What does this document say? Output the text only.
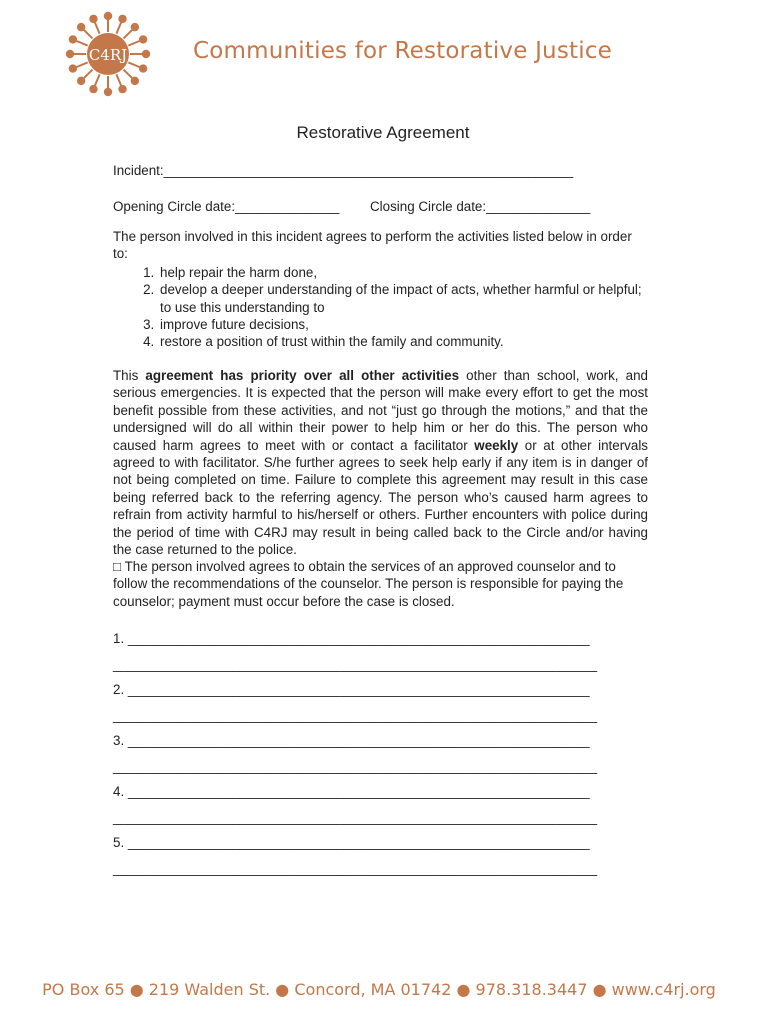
C4RJ	Communities for Restorative Justice
Restorative Agreement
Incident:_______________________________________________________
Opening Circle date:______________ Closing Circle date:______________

The person involved in this incident agrees to perform the activities listed below in order to:

1. help repair the harm done,
2. develop a deeper understanding of the impact of acts, whether harmful or helpful; to use this understanding to
3. improve future decisions,
4. restore a position of trust within the family and community.

This agreement has priority over all other activities other than school, work, and serious emergencies. It is expected that the person will make every effort to get the most benefit possible from these activities, and not “just go through the motions,” and that the undersigned will do all within their power to help him or her do this. The person who caused harm agrees to meet with or contact a facilitator weekly or at other intervals agreed to with facilitator. S/he further agrees to seek help early if any item is in danger of not being completed on time. Failure to complete this agreement may result in this case being referred back to the referring agency. The person who’s caused harm agrees to refrain from activity harmful to his/herself or others. Further encounters with police during the period of time with C4RJ may result in being called back to the Circle and/or having the case returned to the police.

□ The person involved agrees to obtain the services of an approved counselor and to follow the recommendations of the counselor. The person is responsible for paying the counselor; payment must occur before the case is closed.

1. ______________________________________________________________
_________________________________________________________________
2. ______________________________________________________________
_________________________________________________________________
3. ______________________________________________________________
_________________________________________________________________
4. ______________________________________________________________
_________________________________________________________________
5. ______________________________________________________________
_________________________________________________________________
PO Box 65 ● 219 Walden St. ● Concord, MA 01742 ● 978.318.3447 ● www.c4rj.org
